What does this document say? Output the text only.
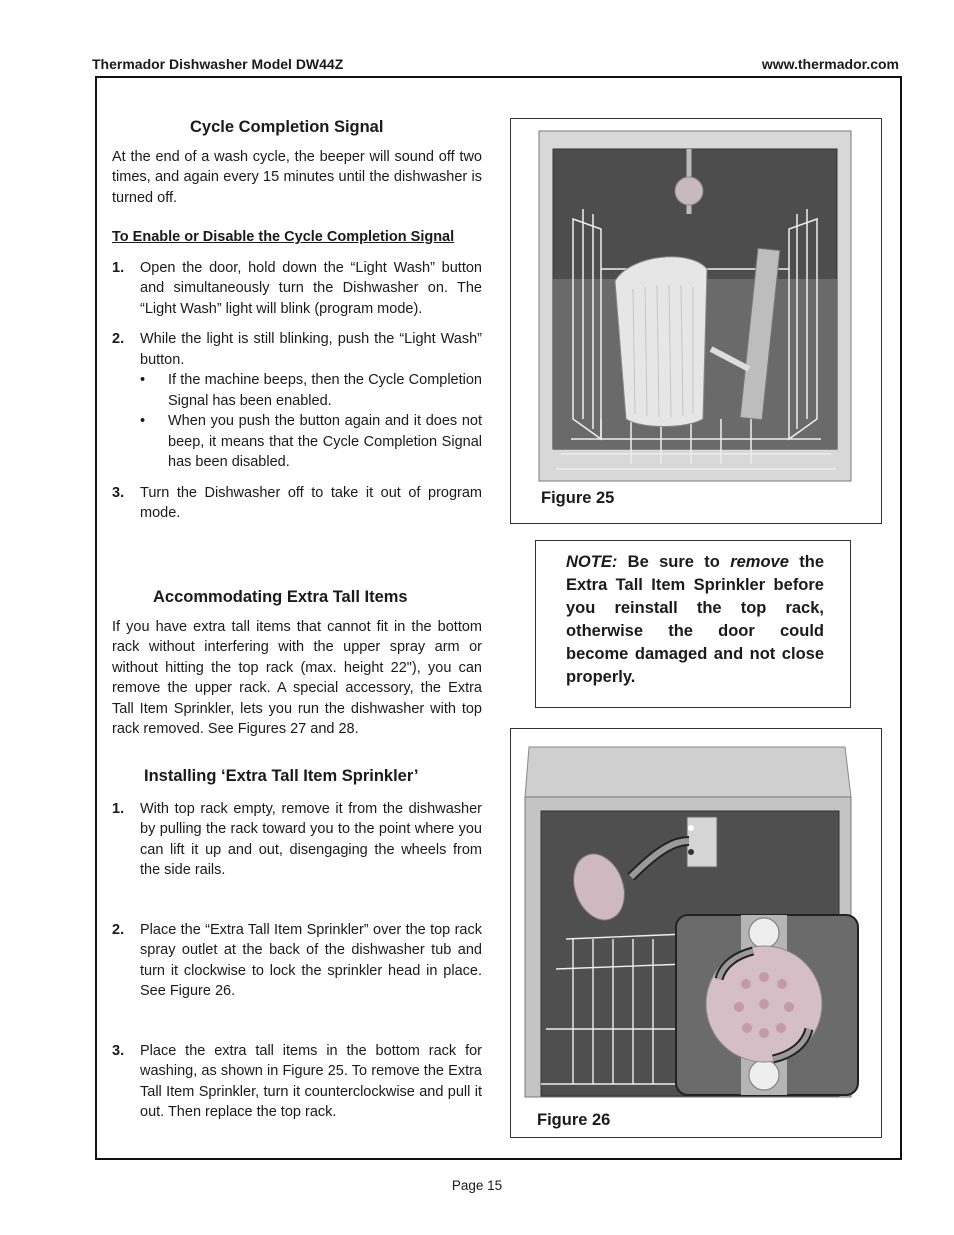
Thermador Dishwasher Model DW44Z	www.thermador.com
Cycle Completion Signal

At the end of a wash cycle, the beeper will sound off two times, and again every 15 minutes until the dishwasher is turned off.

To Enable or Disable the Cycle Completion Signal
1. Open the door, hold down the “Light Wash” button and simultaneously turn the Dishwasher on. The “Light Wash” light will blink (program mode).
2. While the light is still blinking, push the “Light Wash” button.
• If the machine beeps, then the Cycle Completion Signal has been enabled.
• When you push the button again and it does not beep, it means that the Cycle Completion Signal has been disabled.
3. Turn the Dishwasher off to take it out of program mode.
Accommodating Extra Tall Items

If you have extra tall items that cannot fit in the bottom rack without interfering with the upper spray arm or without hitting the top rack (max. height 22"), you can remove the upper rack. A special accessory, the Extra Tall Item Sprinkler, lets you run the dishwasher with top rack removed. See Figures 27 and 28.

Installing ‘Extra Tall Item Sprinkler’
1. With top rack empty, remove it from the dishwasher by pulling the rack toward you to the point where you can lift it up and out, disengaging the wheels from the side rails.
2. Place the “Extra Tall Item Sprinkler” over the top rack spray outlet at the back of the dishwasher tub and turn it clockwise to lock the sprinkler head in place. See Figure 26.
3. Place the extra tall items in the bottom rack for washing, as shown in Figure 25. To remove the Extra Tall Item Sprinkler, turn it counterclockwise and pull it out. Then replace the top rack.
Figure 25
NOTE: Be sure to remove the Extra Tall Item Sprinkler before you reinstall the top rack, otherwise the door could become damaged and not close properly.
Figure 26
Page 15
